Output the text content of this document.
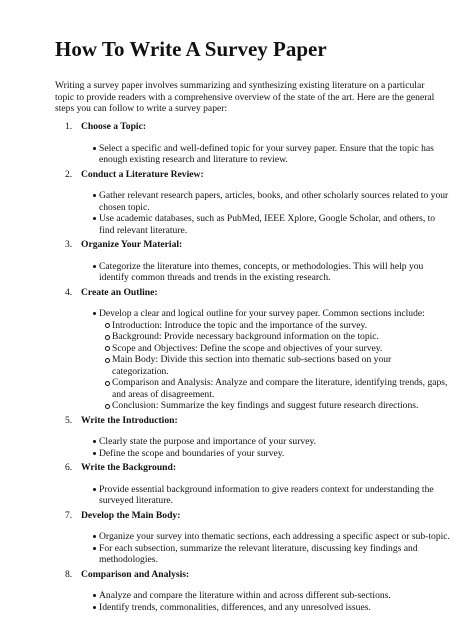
How To Write A Survey Paper

Writing a survey paper involves summarizing and synthesizing existing literature on a particular topic to provide readers with a comprehensive overview of the state of the art. Here are the general steps you can follow to write a survey paper:

1. Choose a Topic:
Select a specific and well-defined topic for your survey paper. Ensure that the topic has enough existing research and literature to review.
2. Conduct a Literature Review:
Gather relevant research papers, articles, books, and other scholarly sources related to your chosen topic.
Use academic databases, such as PubMed, IEEE Xplore, Google Scholar, and others, to find relevant literature.
3. Organize Your Material:
Categorize the literature into themes, concepts, or methodologies. This will help you identify common threads and trends in the existing research.
4. Create an Outline:
Develop a clear and logical outline for your survey paper. Common sections include:
Introduction: Introduce the topic and the importance of the survey.
Background: Provide necessary background information on the topic.
Scope and Objectives: Define the scope and objectives of your survey.
Main Body: Divide this section into thematic sub-sections based on your categorization.
Comparison and Analysis: Analyze and compare the literature, identifying trends, gaps, and areas of disagreement.
Conclusion: Summarize the key findings and suggest future research directions.
5. Write the Introduction:
Clearly state the purpose and importance of your survey.
Define the scope and boundaries of your survey.
6. Write the Background:
Provide essential background information to give readers context for understanding the surveyed literature.
7. Develop the Main Body:
Organize your survey into thematic sections, each addressing a specific aspect or sub-topic.
For each subsection, summarize the relevant literature, discussing key findings and methodologies.
8. Comparison and Analysis:
Analyze and compare the literature within and across different sub-sections.
Identify trends, commonalities, differences, and any unresolved issues.
